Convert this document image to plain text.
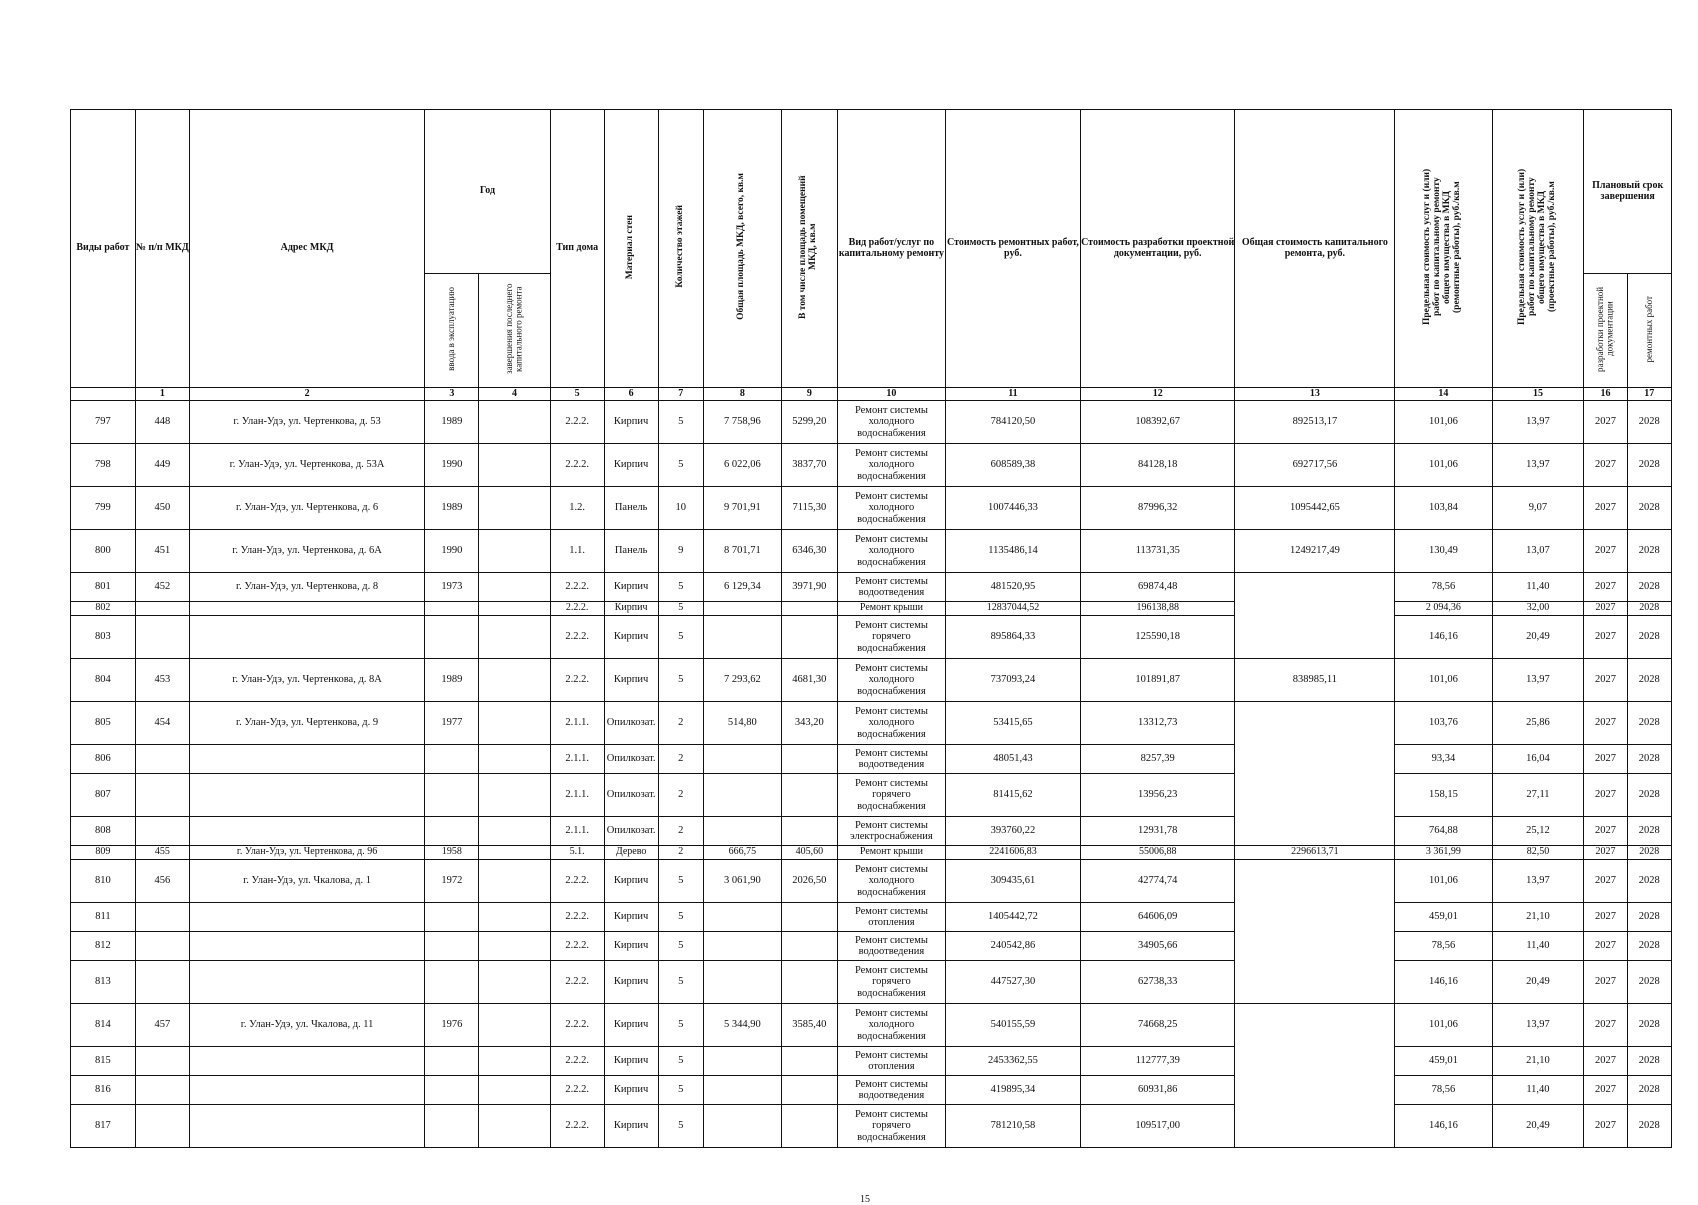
Виды работ	№ п/п МКД	Адрес МКД	Год		Тип дома	Материал стен	Количество этажей	Общая площадь МКД, всего, кв.м	В том числе площадь помещений МКД, кв.м	Вид работ/услуг по капитальному ремонту	Стоимость ремонтных работ, руб.	Стоимость разработки проектной документации, руб.	Общая стоимость капитального ремонта, руб.	Предельная стоимость услуг и (или) работ по капитальному ремонту общего имущества в МКД (ремонтные работы), руб./кв.м	Предельная стоимость услуг и (или) работ по капитальному ремонту общего имущества в МКД (проектные работы), руб./кв.м	Плановый срок завершения	
			ввода в эксплуатацию	завершения последнего капитального ремонта												разработки проектной документации	ремонтных работ
	1	2	3	4	5	6	7	8	9	10	11	12	13	14	15	16	17
797	448	г. Улан-Удэ, ул. Чертенкова, д. 53	1989		2.2.2.	Кирпич	5	7 758,96	5299,20	Ремонт системы холодного водоснабжения	784120,50	108392,67	892513,17	101,06	13,97	2027	2028
798	449	г. Улан-Удэ, ул. Чертенкова, д. 53А	1990		2.2.2.	Кирпич	5	6 022,06	3837,70	Ремонт системы холодного водоснабжения	608589,38	84128,18	692717,56	101,06	13,97	2027	2028
799	450	г. Улан-Удэ, ул. Чертенкова, д. 6	1989		1.2.	Панель	10	9 701,91	7115,30	Ремонт системы холодного водоснабжения	1007446,33	87996,32	1095442,65	103,84	9,07	2027	2028
800	451	г. Улан-Удэ, ул. Чертенкова, д. 6А	1990		1.1.	Панель	9	8 701,71	6346,30	Ремонт системы холодного водоснабжения	1135486,14	113731,35	1249217,49	130,49	13,07	2027	2028
801	452	г. Улан-Удэ, ул. Чертенкова, д. 8	1973		2.2.2.	Кирпич	5	6 129,34	3971,90	Ремонт системы водоотведения	481520,95	69874,48		78,56	11,40	2027	2028
802					2.2.2.	Кирпич	5			Ремонт крыши	12837044,52	196138,88		2 094,36	32,00	2027	2028
803					2.2.2.	Кирпич	5			Ремонт системы горячего водоснабжения	895864,33	125590,18		146,16	20,49	2027	2028
804	453	г. Улан-Удэ, ул. Чертенкова, д. 8А	1989		2.2.2.	Кирпич	5	7 293,62	4681,30	Ремонт системы холодного водоснабжения	737093,24	101891,87	838985,11	101,06	13,97	2027	2028
805	454	г. Улан-Удэ, ул. Чертенкова, д. 9	1977		2.1.1.	Опилкозат.	2	514,80	343,20	Ремонт системы холодного водоснабжения	53415,65	13312,73		103,76	25,86	2027	2028
806					2.1.1.	Опилкозат.	2			Ремонт системы водоотведения	48051,43	8257,39		93,34	16,04	2027	2028
807					2.1.1.	Опилкозат.	2			Ремонт системы горячего водоснабжения	81415,62	13956,23		158,15	27,11	2027	2028
808					2.1.1.	Опилкозат.	2			Ремонт системы электроснабжения	393760,22	12931,78		764,88	25,12	2027	2028
809	455	г. Улан-Удэ, ул. Чертенкова, д. 96	1958		5.1.	Дерево	2	666,75	405,60	Ремонт крыши	2241606,83	55006,88	2296613,71	3 361,99	82,50	2027	2028
810	456	г. Улан-Удэ, ул. Чкалова, д. 1	1972		2.2.2.	Кирпич	5	3 061,90	2026,50	Ремонт системы холодного водоснабжения	309435,61	42774,74		101,06	13,97	2027	2028
811					2.2.2.	Кирпич	5			Ремонт системы отопления	1405442,72	64606,09		459,01	21,10	2027	2028
812					2.2.2.	Кирпич	5			Ремонт системы водоотведения	240542,86	34905,66		78,56	11,40	2027	2028
813					2.2.2.	Кирпич	5			Ремонт системы горячего водоснабжения	447527,30	62738,33		146,16	20,49	2027	2028
814	457	г. Улан-Удэ, ул. Чкалова, д. 11	1976		2.2.2.	Кирпич	5	5 344,90	3585,40	Ремонт системы холодного водоснабжения	540155,59	74668,25		101,06	13,97	2027	2028
815					2.2.2.	Кирпич	5			Ремонт системы отопления	2453362,55	112777,39		459,01	21,10	2027	2028
816					2.2.2.	Кирпич	5			Ремонт системы водоотведения	419895,34	60931,86		78,56	11,40	2027	2028
817					2.2.2.	Кирпич	5			Ремонт системы горячего водоснабжения	781210,58	109517,00		146,16	20,49	2027	2028
15
